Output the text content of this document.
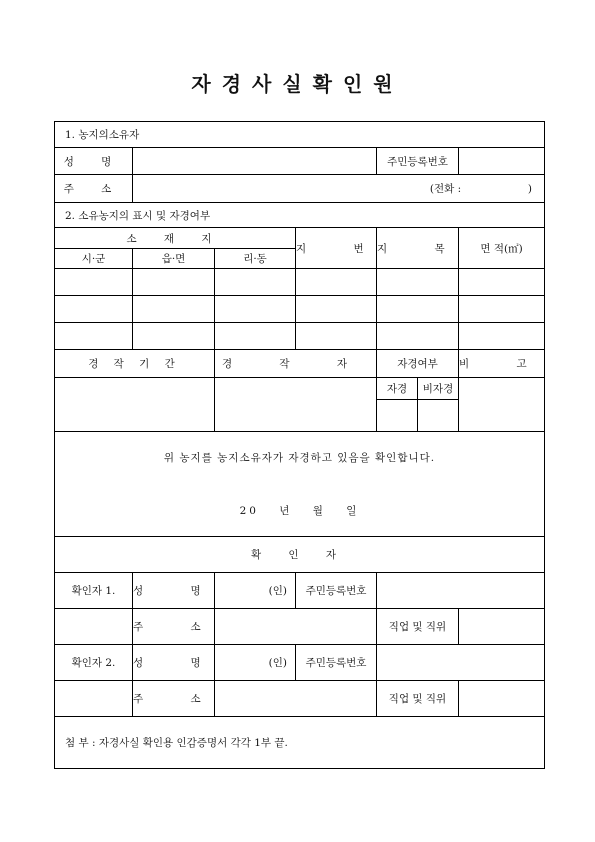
자경사실확인원
1. 농지의소유자					
성 명				주민등록번호	
주 소	(전화 :                    )				
2. 소유농지의 표시 및 자경여부					
소 재 지			지 번	지 목	면 적(㎡)
시·군	읍·면	리·동			

경 작 기 간		경 작 자		자경여부	비 고

자경 비자경	

위 농지를 농지소유자가 자경하고 있음을 확인합니다.
20 년 월 일					

확 인 자					
확인자 1.	성 명	(인)	주민등록번호		
	주 소			직업 및 직위	
확인자 2.	성 명	(인)	주민등록번호		
	주 소			직업 및 직위	
첨 부 : 자경사실 확인용 인감증명서 각각 1부 끝.					
